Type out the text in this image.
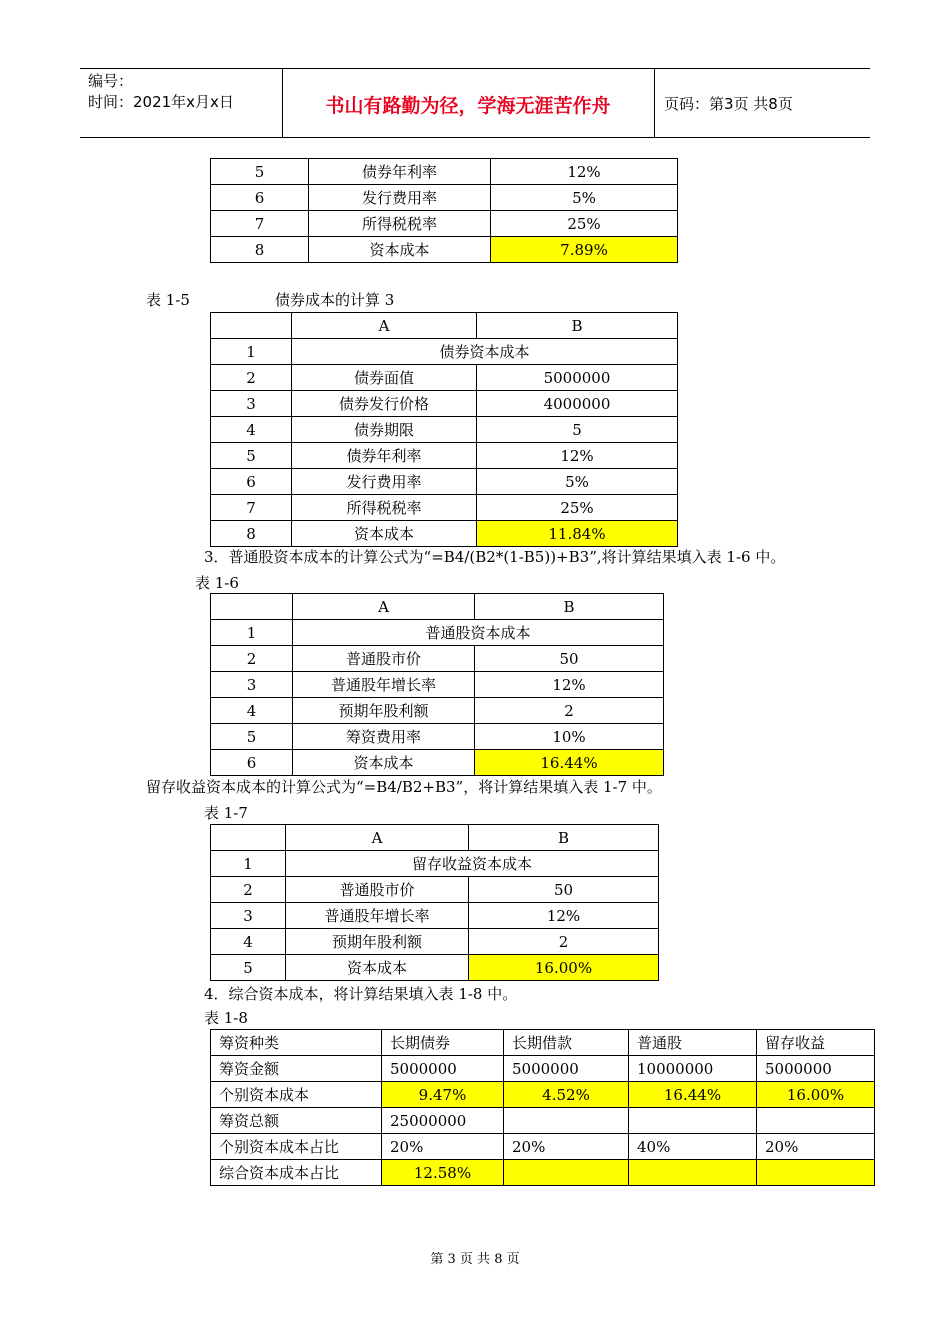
编号：
时间：2021年x月x日	书山有路勤为径，学海无涯苦作舟	页码：第3页 共8页
5	债券年利率	12%
6	发行费用率	5%
7	所得税税率	25%
8	资本成本	7.89%
表 1-5	债券成本的计算 3
	A	B
1	债券资本成本	
2	债券面值	5000000
3	债券发行价格	4000000
4	债券期限	5
5	债券年利率	12%
6	发行费用率	5%
7	所得税税率	25%
8	资本成本	11.84%
3．普通股资本成本的计算公式为“=B4/(B2*(1-B5))+B3”,将计算结果填入表 1-6 中。
表 1-6
	A	B
1	普通股资本成本	
2	普通股市价	50
3	普通股年增长率	12%
4	预期年股利额	2
5	筹资费用率	10%
6	资本成本	16.44%
留存收益资本成本的计算公式为“=B4/B2+B3”，将计算结果填入表 1-7 中。
表 1-7
	A	B
1	留存收益资本成本	
2	普通股市价	50
3	普通股年增长率	12%
4	预期年股利额	2
5	资本成本	16.00%
4．综合资本成本，将计算结果填入表 1-8 中。
表 1-8
筹资种类	长期债券	长期借款	普通股	留存收益
筹资金额	5000000	5000000	10000000	5000000
个别资本成本	9.47%	4.52%	16.44%	16.00%
筹资总额	25000000			
个别资本成本占比	20%	20%	40%	20%
综合资本成本占比	12.58%			
第 3 页 共 8 页
